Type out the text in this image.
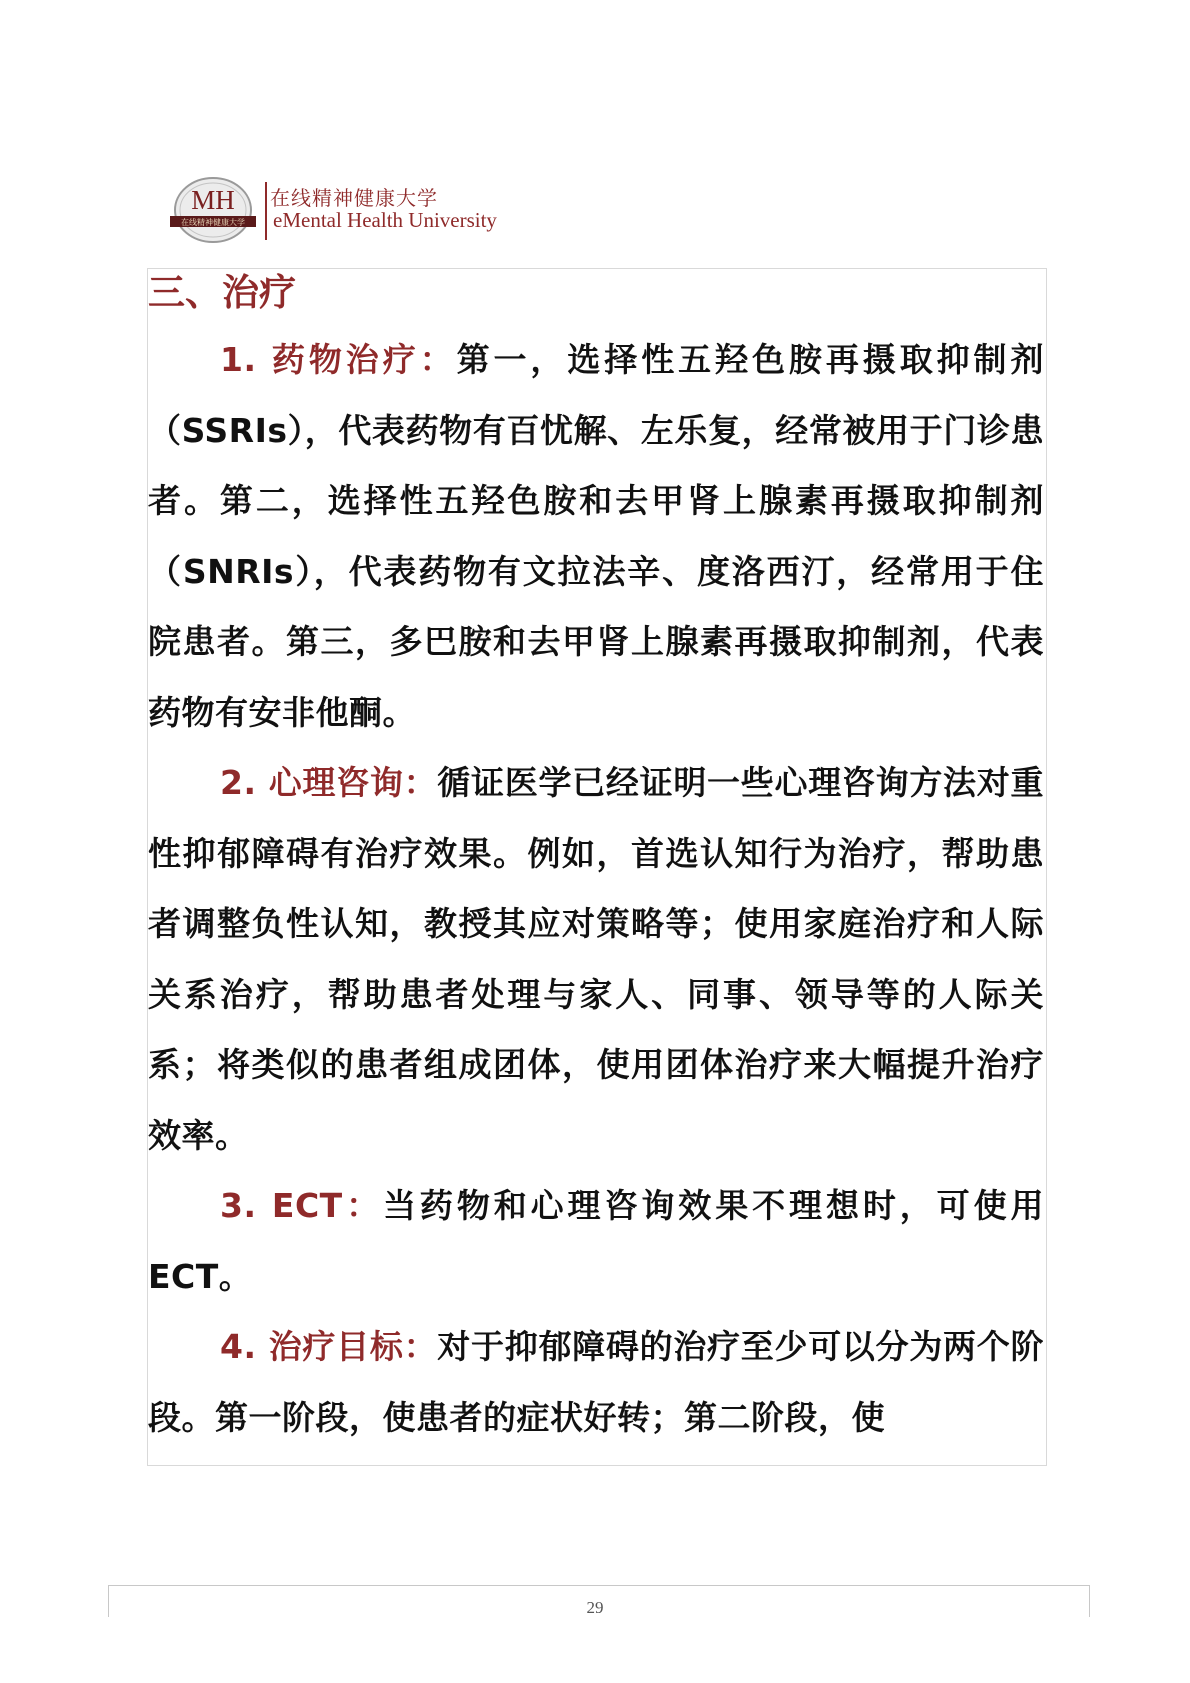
MH
在线精神健康大学
在线精神健康大学
eMental Health University
三、治疗

1. 药物治疗：第一，选择性五羟色胺再摄取抑制剂（SSRIs），代表药物有百忧解、左乐复，经常被用于门诊患者。第二，选择性五羟色胺和去甲肾上腺素再摄取抑制剂（SNRIs），代表药物有文拉法辛、度洛西汀，经常用于住院患者。第三，多巴胺和去甲肾上腺素再摄取抑制剂，代表药物有安非他酮。

2. 心理咨询：循证医学已经证明一些心理咨询方法对重性抑郁障碍有治疗效果。例如，首选认知行为治疗，帮助患者调整负性认知，教授其应对策略等；使用家庭治疗和人际关系治疗，帮助患者处理与家人、同事、领导等的人际关系；将类似的患者组成团体，使用团体治疗来大幅提升治疗效率。

3. ECT：当药物和心理咨询效果不理想时，可使用ECT。

4. 治疗目标：对于抑郁障碍的治疗至少可以分为两个阶段。第一阶段，使患者的症状好转；第二阶段，使

29
